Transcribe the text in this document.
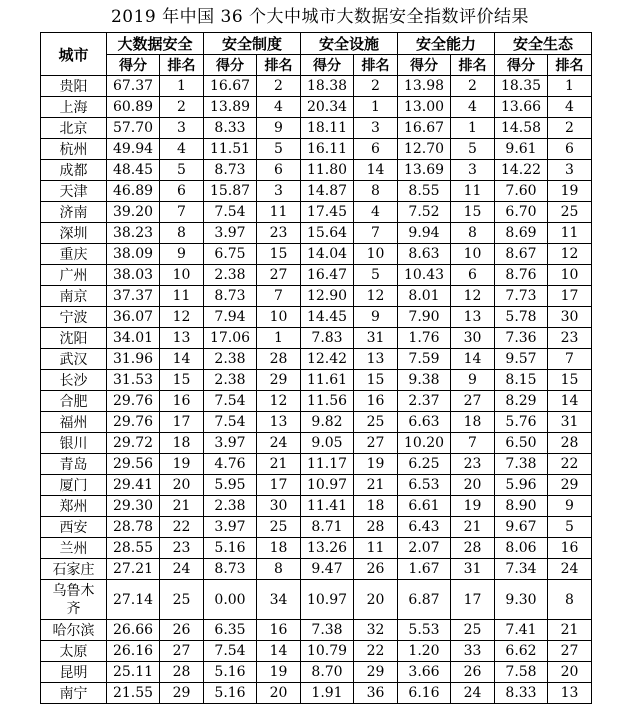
2019 年中国 36 个大中城市大数据安全指数评价结果
城市	大数据安全		安全制度		安全设施		安全能力		安全生态	
	得分	排名	得分	排名	得分	排名	得分	排名	得分	排名
贵阳	67.37	1	16.67	2	18.38	2	13.98	2	18.35	1
上海	60.89	2	13.89	4	20.34	1	13.00	4	13.66	4
北京	57.70	3	8.33	9	18.11	3	16.67	1	14.58	2
杭州	49.94	4	11.51	5	16.11	6	12.70	5	9.61	6
成都	48.45	5	8.73	6	11.80	14	13.69	3	14.22	3
天津	46.89	6	15.87	3	14.87	8	8.55	11	7.60	19
济南	39.20	7	7.54	11	17.45	4	7.52	15	6.70	25
深圳	38.23	8	3.97	23	15.64	7	9.94	8	8.69	11
重庆	38.09	9	6.75	15	14.04	10	8.63	10	8.67	12
广州	38.03	10	2.38	27	16.47	5	10.43	6	8.76	10
南京	37.37	11	8.73	7	12.90	12	8.01	12	7.73	17
宁波	36.07	12	7.94	10	14.45	9	7.90	13	5.78	30
沈阳	34.01	13	17.06	1	7.83	31	1.76	30	7.36	23
武汉	31.96	14	2.38	28	12.42	13	7.59	14	9.57	7
长沙	31.53	15	2.38	29	11.61	15	9.38	9	8.15	15
合肥	29.76	16	7.54	12	11.56	16	2.37	27	8.29	14
福州	29.76	17	7.54	13	9.82	25	6.63	18	5.76	31
银川	29.72	18	3.97	24	9.05	27	10.20	7	6.50	28
青岛	29.56	19	4.76	21	11.17	19	6.25	23	7.38	22
厦门	29.41	20	5.95	17	10.97	21	6.53	20	5.96	29
郑州	29.30	21	2.38	30	11.41	18	6.61	19	8.90	9
西安	28.78	22	3.97	25	8.71	28	6.43	21	9.67	5
兰州	28.55	23	5.16	18	13.26	11	2.07	28	8.06	16
石家庄	27.21	24	8.73	8	9.47	26	1.67	31	7.34	24
乌鲁木齐	27.14	25	0.00	34	10.97	20	6.87	17	9.30	8
哈尔滨	26.66	26	6.35	16	7.38	32	5.53	25	7.41	21
太原	26.16	27	7.54	14	10.79	22	1.20	33	6.62	27
昆明	25.11	28	5.16	19	8.70	29	3.66	26	7.58	20
南宁	21.55	29	5.16	20	1.91	36	6.16	24	8.33	13
